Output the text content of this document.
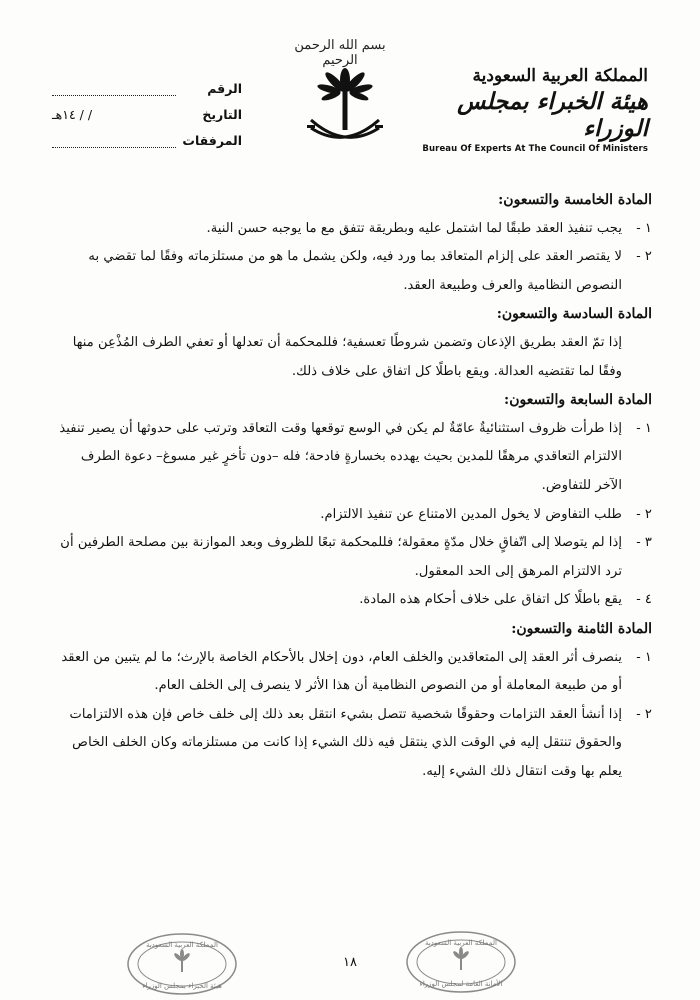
الرقم
التاريخ
/ / ١٤هـ
المرفقات
بسم الله الرحمن الرحيم
المملكة العربية السعودية
هيئة الخبراء بمجلس الوزراء
Bureau Of Experts At The Council Of Ministers

المادة الخامسة والتسعون:

١ -يجب تنفيذ العقد طبقًا لما اشتمل عليه وبطريقة تتفق مع ما يوجبه حسن النية.

٢ -لا يقتصر العقد على إلزام المتعاقد بما ورد فيه، ولكن يشمل ما هو من مستلزماته وفقًا لما تقضي به النصوص النظامية والعرف وطبيعة العقد.

المادة السادسة والتسعون:

إذا تمّ العقد بطريق الإذعان وتضمن شروطًا تعسفية؛ فللمحكمة أن تعدلها أو تعفي الطرف المُذْعِن منها وفقًا لما تقتضيه العدالة. ويقع باطلًا كل اتفاق على خلاف ذلك.

المادة السابعة والتسعون:

١ -إذا طرأت ظروف استثنائيةٌ عامّةٌ لم يكن في الوسع توقعها وقت التعاقد وترتب على حدوثها أن يصير تنفيذ الالتزام التعاقدي مرهقًا للمدين بحيث يهدده بخسارةٍ فادحة؛ فله –دون تأخرٍ غير مسوغ– دعوة الطرف الآخر للتفاوض.

٢ -طلب التفاوض لا يخول المدين الامتناع عن تنفيذ الالتزام.

٣ -إذا لم يتوصلا إلى اتّفاقٍ خلال مدّةٍ معقولة؛ فللمحكمة تبعًا للظروف وبعد الموازنة بين مصلحة الطرفين أن ترد الالتزام المرهق إلى الحد المعقول.

٤ -يقع باطلًا كل اتفاق على خلاف أحكام هذه المادة.

المادة الثامنة والتسعون:

١ -ينصرف أثر العقد إلى المتعاقدين والخلف العام، دون إخلال بالأحكام الخاصة بالإرث؛ ما لم يتبين من العقد أو من طبيعة المعاملة أو من النصوص النظامية أن هذا الأثر لا ينصرف إلى الخلف العام.

٢ -إذا أنشأ العقد التزامات وحقوقًا شخصية تتصل بشيء انتقل بعد ذلك إلى خلف خاص فإن هذه الالتزامات والحقوق تنتقل إليه في الوقت الذي ينتقل فيه ذلك الشيء إذا كانت من مستلزماته وكان الخلف الخاص يعلم بها وقت انتقال ذلك الشيء إليه.

المملكة العربية السعودية
هيئة الخبراء بمجلس الوزراء
١٨
المملكة العربية السعودية
الأمانة العامة لمجلس الوزراء
